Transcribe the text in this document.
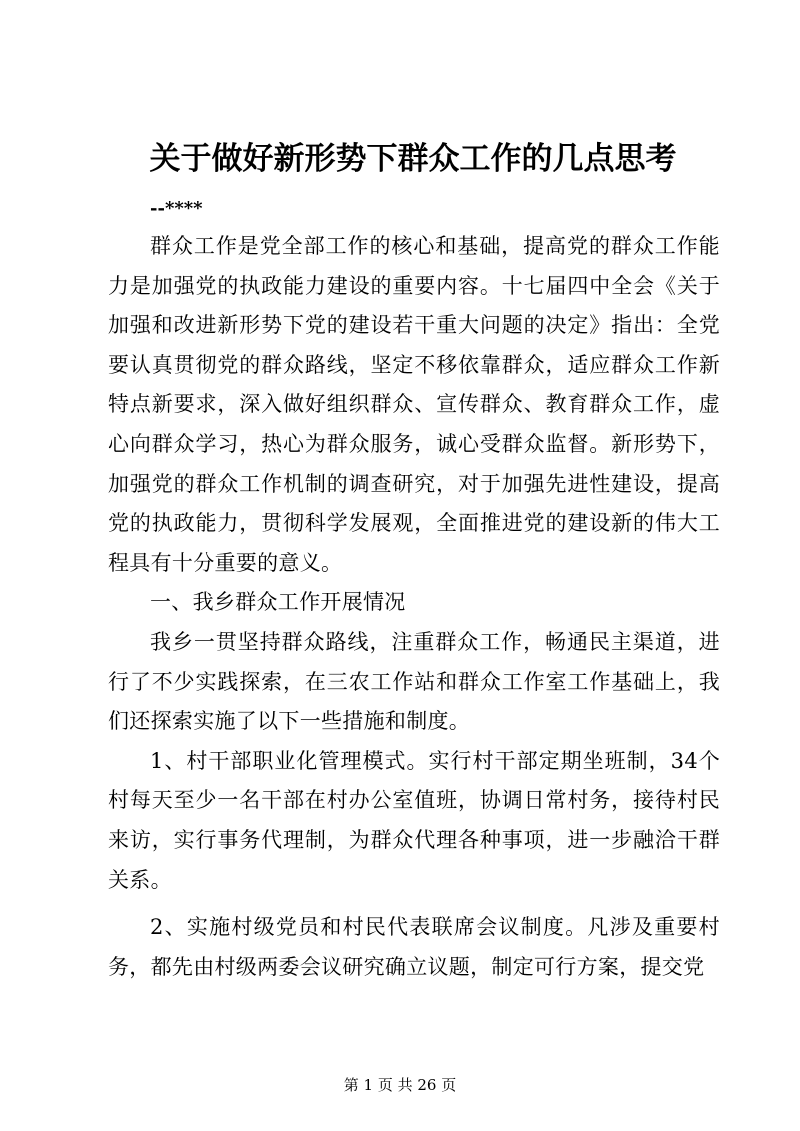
关于做好新形势下群众工作的几点思考
--****

群众工作是党全部工作的核心和基础，提高党的群众工作能力是加强党的执政能力建设的重要内容。十七届四中全会《关于加强和改进新形势下党的建设若干重大问题的决定》指出：全党要认真贯彻党的群众路线，坚定不移依靠群众，适应群众工作新特点新要求，深入做好组织群众、宣传群众、教育群众工作，虚心向群众学习，热心为群众服务，诚心受群众监督。新形势下，加强党的群众工作机制的调查研究，对于加强先进性建设，提高党的执政能力，贯彻科学发展观，全面推进党的建设新的伟大工程具有十分重要的意义。

一、我乡群众工作开展情况

我乡一贯坚持群众路线，注重群众工作，畅通民主渠道，进行了不少实践探索，在三农工作站和群众工作室工作基础上，我们还探索实施了以下一些措施和制度。

1、村干部职业化管理模式。实行村干部定期坐班制，34个村每天至少一名干部在村办公室值班，协调日常村务，接待村民来访，实行事务代理制，为群众代理各种事项，进一步融洽干群关系。

2、实施村级党员和村民代表联席会议制度。凡涉及重要村务，都先由村级两委会议研究确立议题，制定可行方案，提交党

第 1 页 共 26 页
